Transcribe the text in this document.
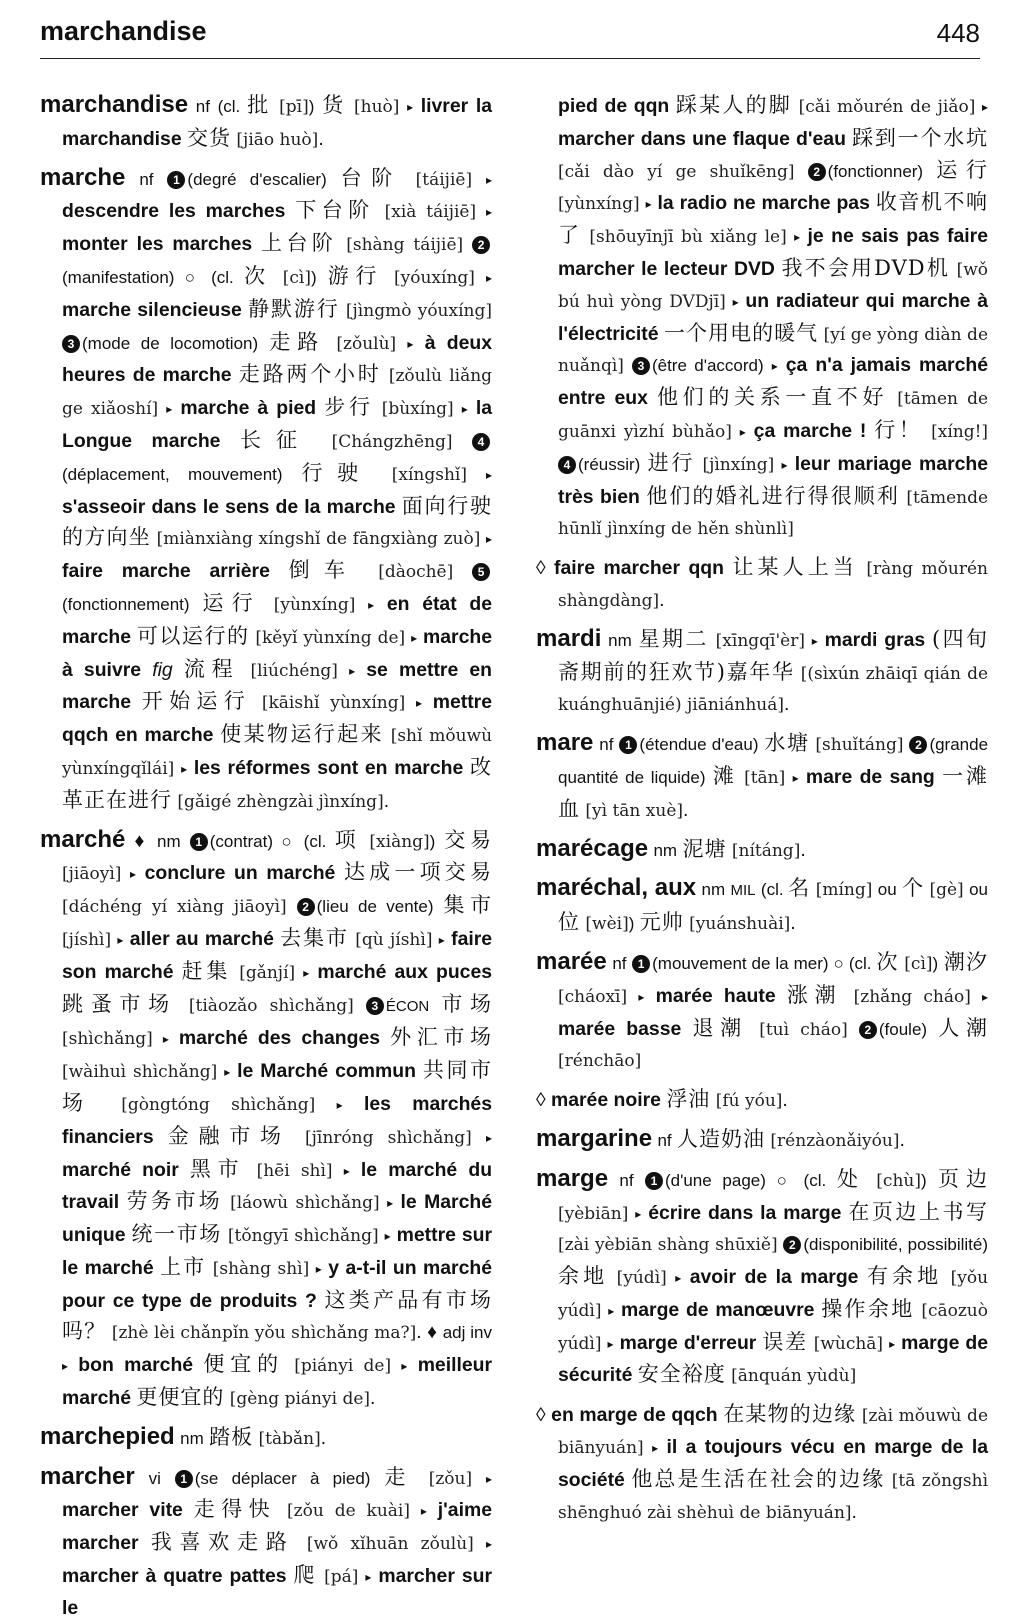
marchandise	448

marchandise nf (cl. 批 [pī]) 货 [huò] ▸ livrer la marchandise 交货 [jiāo huò].

marche nf 1 (degré d'escalier) 台阶 [táijiē] ▸ descendre les marches 下台阶 [xià táijiē] ▸ monter les marches 上台阶 [shàng táijiē] 2(manifestation) ○ (cl. 次 [cì]) 游行 [yóuxíng] ▸ marche silencieuse 静默游行 [jìngmò yóuxíng] 3 (mode de locomotion) 走路 [zǒulù] ▸ à deux heures de marche 走路两个小时 [zǒulù liǎng ge xiǎoshí] ▸ marche à pied 步行 [bùxíng] ▸ la Longue marche 长征 [Chángzhēng] 4(déplacement, mouvement) 行驶 [xíngshǐ] ▸ s'asseoir dans le sens de la marche 面向行驶的方向坐 [miànxiàng xíngshǐ de fāngxiàng zuò] ▸ faire marche arrière 倒车 [dàochē] 5(fonctionnement) 运行 [yùnxíng] ▸ en état de marche 可以运行的 [kěyǐ yùnxíng de] ▸ marche à suivre fig 流程 [liúchéng] ▸ se mettre en marche 开始运行 [kāishǐ yùnxíng] ▸ mettre qqch en marche 使某物运行起来 [shǐ mǒuwù yùnxíngqǐlái] ▸ les réformes sont en marche 改革正在进行 [gǎigé zhèngzài jìnxíng].

marché ♦ nm 1 (contrat) ○ (cl. 项 [xiàng]) 交易 [jiāoyì] ▸ conclure un marché 达成一项交易 [dáchéng yí xiàng jiāoyì] 2 (lieu de vente) 集市 [jíshì] ▸ aller au marché 去集市 [qù jíshì] ▸ faire son marché 赶集 [gǎnjí] ▸ marché aux puces 跳蚤市场 [tiàozǎo shìchǎng] 3 ÉCON 市场 [shìchǎng] ▸ marché des changes 外汇市场 [wàihuì shìchǎng] ▸ le Marché commun 共同市场 [gòngtóng shìchǎng] ▸ les marchés financiers 金融市场 [jīnróng shìchǎng] ▸ marché noir 黑市 [hēi shì] ▸ le marché du travail 劳务市场 [láowù shìchǎng] ▸ le Marché unique 统一市场 [tǒngyī shìchǎng] ▸ mettre sur le marché 上市 [shàng shì] ▸ y a-t-il un marché pour ce type de produits ? 这类产品有市场吗？ [zhè lèi chǎnpǐn yǒu shìchǎng ma?]. ♦ adj inv ▸ bon marché 便宜的 [piányi de] ▸ meilleur marché 更便宜的 [gèng piányi de].

marchepied nm 踏板 [tàbǎn].

marcher vi 1 (se déplacer à pied) 走 [zǒu] ▸ marcher vite 走得快 [zǒu de kuài] ▸ j'aime marcher 我喜欢走路 [wǒ xǐhuān zǒulù] ▸ marcher à quatre pattes 爬 [pá] ▸ marcher sur le

pied de qqn 踩某人的脚 [cǎi mǒurén de jiǎo] ▸ marcher dans une flaque d'eau 踩到一个水坑 [cǎi dào yí ge shuǐkēng] 2 (fonctionner) 运行 [yùnxíng] ▸ la radio ne marche pas 收音机不响了 [shōuyīnjī bù xiǎng le] ▸ je ne sais pas faire marcher le lecteur DVD 我不会用DVD机 [wǒ bú huì yòng DVDjī] ▸ un radiateur qui marche à l'électricité 一个用电的暖气 [yí ge yòng diàn de nuǎnqì] 3 (être d'accord) ▸ ça n'a jamais marché entre eux 他们的关系一直不好 [tāmen de guānxi yìzhí bùhǎo] ▸ ça marche ! 行！ [xíng!] 4 (réussir) 进行 [jìnxíng] ▸ leur mariage marche très bien 他们的婚礼进行得很顺利 [tāmende hūnlǐ jìnxíng de hěn shùnlì]

◊ faire marcher qqn 让某人上当 [ràng mǒurén shàngdàng].

mardi nm 星期二 [xīngqī'èr] ▸ mardi gras (四旬斋期前的狂欢节)嘉年华 [(sìxún zhāiqī qián de kuánghuānjié) jiāniánhuá].

mare nf 1 (étendue d'eau) 水塘 [shuǐtáng] 2 (grande quantité de liquide) 滩 [tān] ▸ mare de sang 一滩血 [yì tān xuè].

marécage nm 泥塘 [nítáng].

maréchal, aux nm MIL (cl. 名 [míng] ou 个 [gè] ou 位 [wèi]) 元帅 [yuánshuài].

marée nf 1 (mouvement de la mer) ○ (cl. 次 [cì]) 潮汐 [cháoxī] ▸ marée haute 涨潮 [zhǎng cháo] ▸ marée basse 退潮 [tuì cháo] 2 (foule) 人潮 [rénchāo]

◊ marée noire 浮油 [fú yóu].

margarine nf 人造奶油 [rénzàonǎiyóu].

marge nf 1 (d'une page) ○ (cl. 处 [chù]) 页边 [yèbiān] ▸ écrire dans la marge 在页边上书写 [zài yèbiān shàng shūxiě] 2 (disponibilité, possibilité) 余地 [yúdì] ▸ avoir de la marge 有余地 [yǒu yúdì] ▸ marge de manœuvre 操作余地 [cāozuò yúdì] ▸ marge d'erreur 误差 [wùchā] ▸ marge de sécurité 安全裕度 [ānquán yùdù]

◊ en marge de qqch 在某物的边缘 [zài mǒuwù de biānyuán] ▸ il a toujours vécu en marge de la société 他总是生活在社会的边缘 [tā zǒngshì shēnghuó zài shèhuì de biānyuán].
